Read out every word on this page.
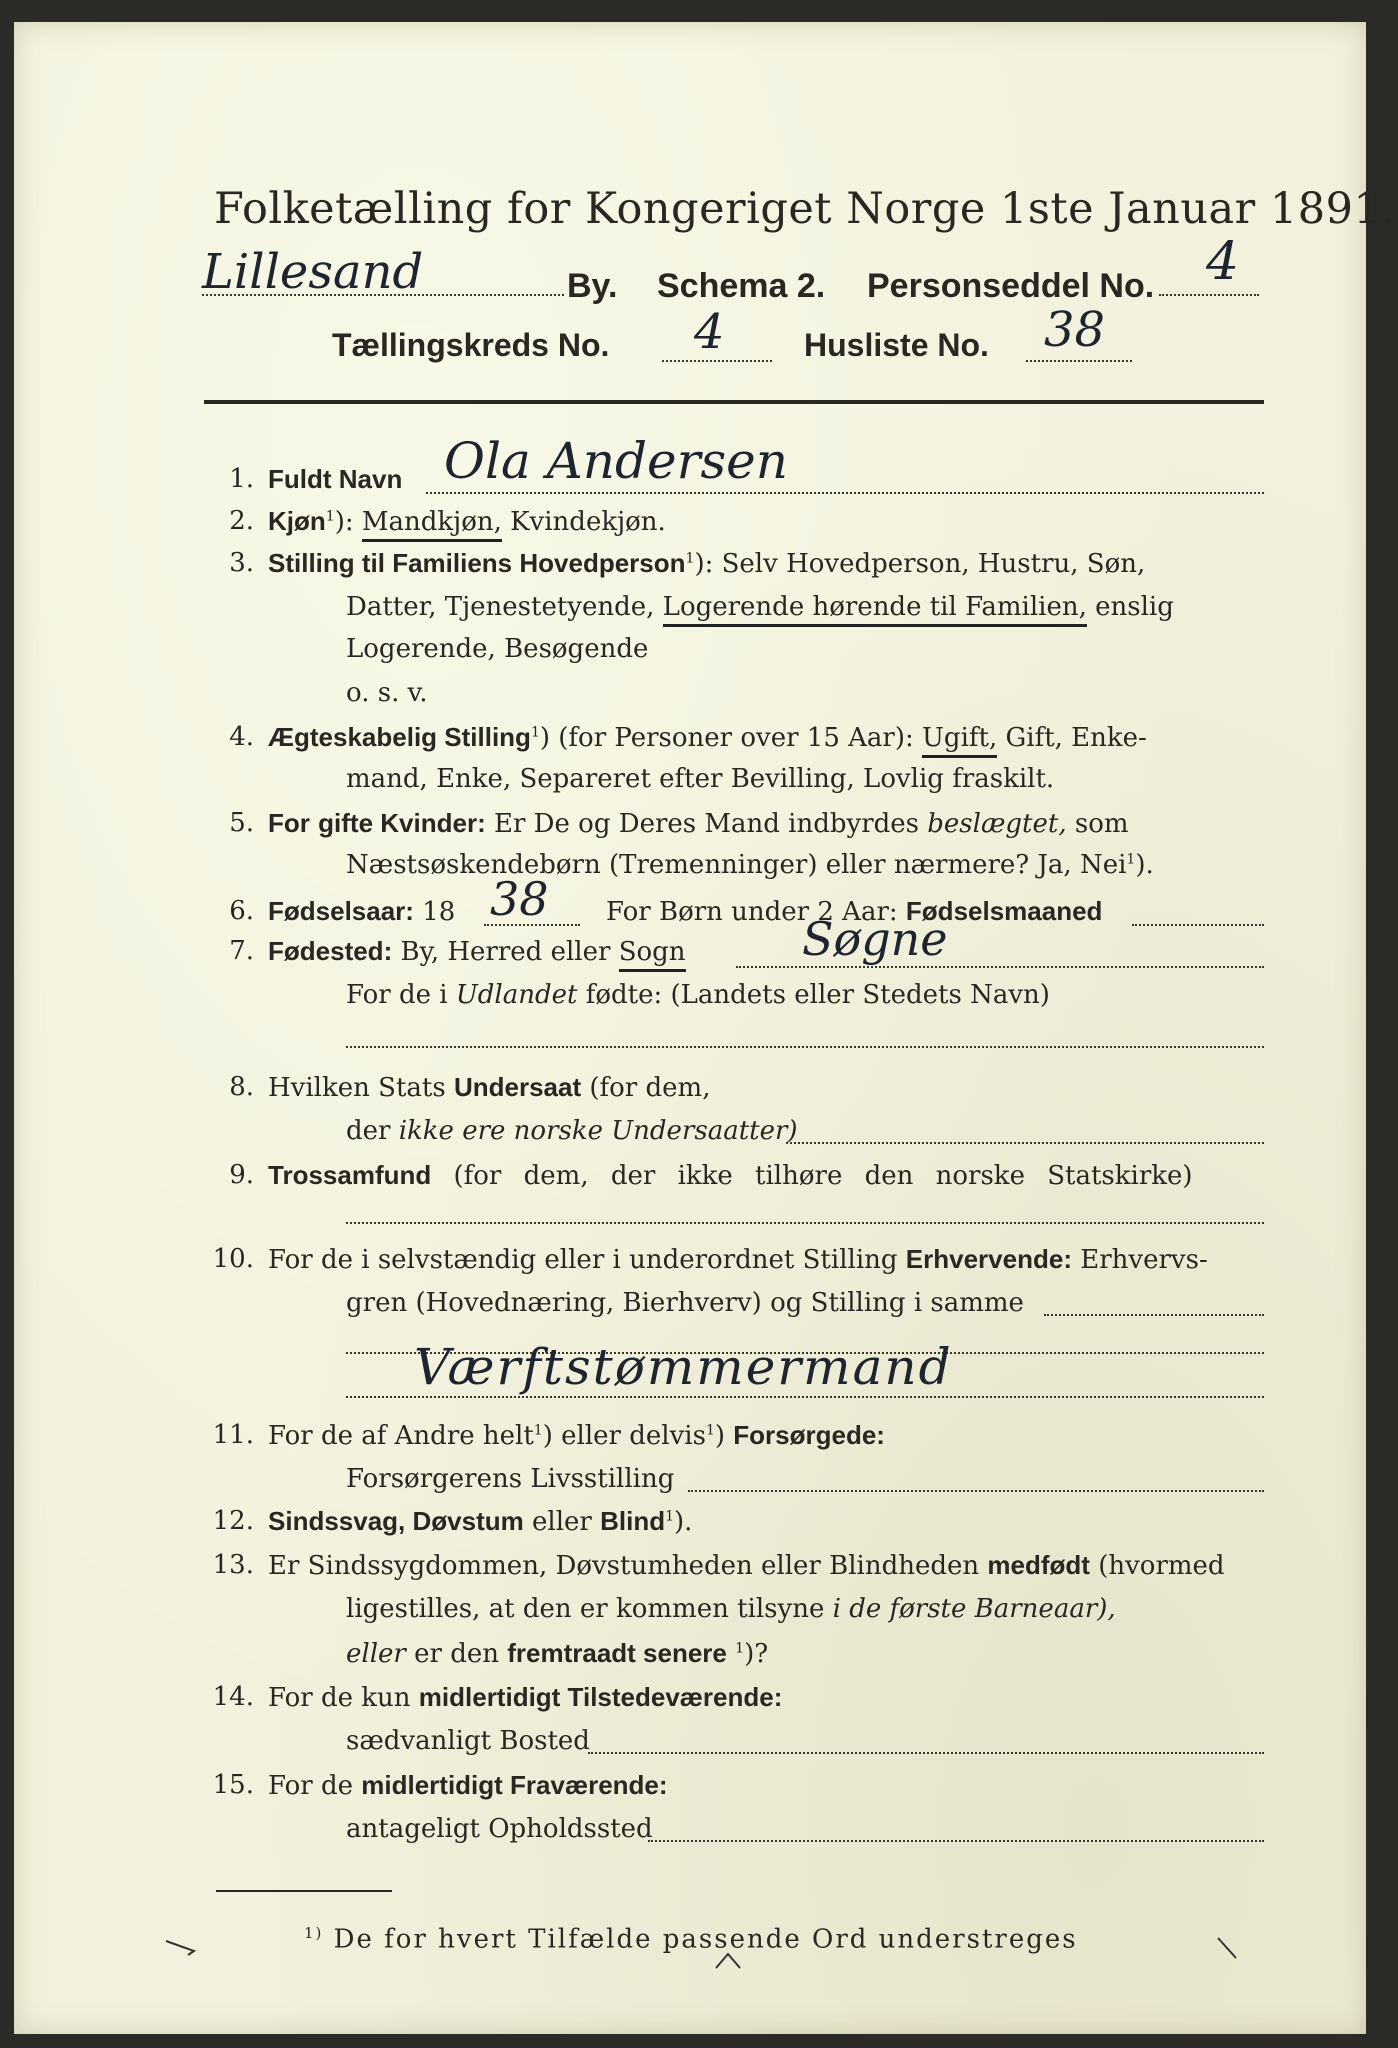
Folketælling for Kongeriget Norge 1ste Januar 1891.
Lillesand	By. Schema 2. Personseddel No. 4
Tællingskreds No. 4 Husliste No. 38
1. Fuldt Navn Ola Andersen
2. Kjøn$^1$): Mandkjøn, Kvindekjøn.
3. Stilling til Familiens Hovedperson$^1$): Selv Hovedperson, Hustru, Søn,
Datter, Tjenestetyende, Logerende hørende til Familien, enslig
Logerende, Besøgende
o. s. v.
4. Ægteskabelig Stilling$^1$) (for Personer over 15 Aar): Ugift, Gift, Enke-
mand, Enke, Separeret efter Bevilling, Lovlig fraskilt.
5. For gifte Kvinder: Er De og Deres Mand indbyrdes beslægtet, som
Næstsøskendebørn (Tremenninger) eller nærmere? Ja, Nei$^1$).
6. Fødselsaar: 18 38 For Børn under 2 Aar: Fødselsmaaned
7. Fødested: By, Herred eller Sogn	Søgne
For de i Udlandet fødte: (Landets eller Stedets Navn)
8. Hvilken Stats Undersaat (for dem,
der ikke ere norske Undersaatter)
9. Trossamfund (for dem, der ikke tilhøre den norske Statskirke)
10. For de i selvstændig eller i underordnet Stilling Erhvervende: Erhvervs-
gren (Hovednæring, Bierhverv) og Stilling i samme
Værftstømmermand
11. For de af Andre helt$^1$) eller delvis$^1$) Forsørgede:
Forsørgerens Livsstilling
12. Sindssvag, Døvstum eller Blind$^1$).
13. Er Sindssygdommen, Døvstumheden eller Blindheden medfødt (hvormed
ligestilles, at den er kommen tilsyne i de første Barneaar),
eller er den fremtraadt senere $^1$)?
14. For de kun midlertidigt Tilstedeværende:
sædvanligt Bosted
15. For de midlertidigt Fraværende:
antageligt Opholdssted
$^{1)}$ De for hvert Tilfælde passende Ord understreges
